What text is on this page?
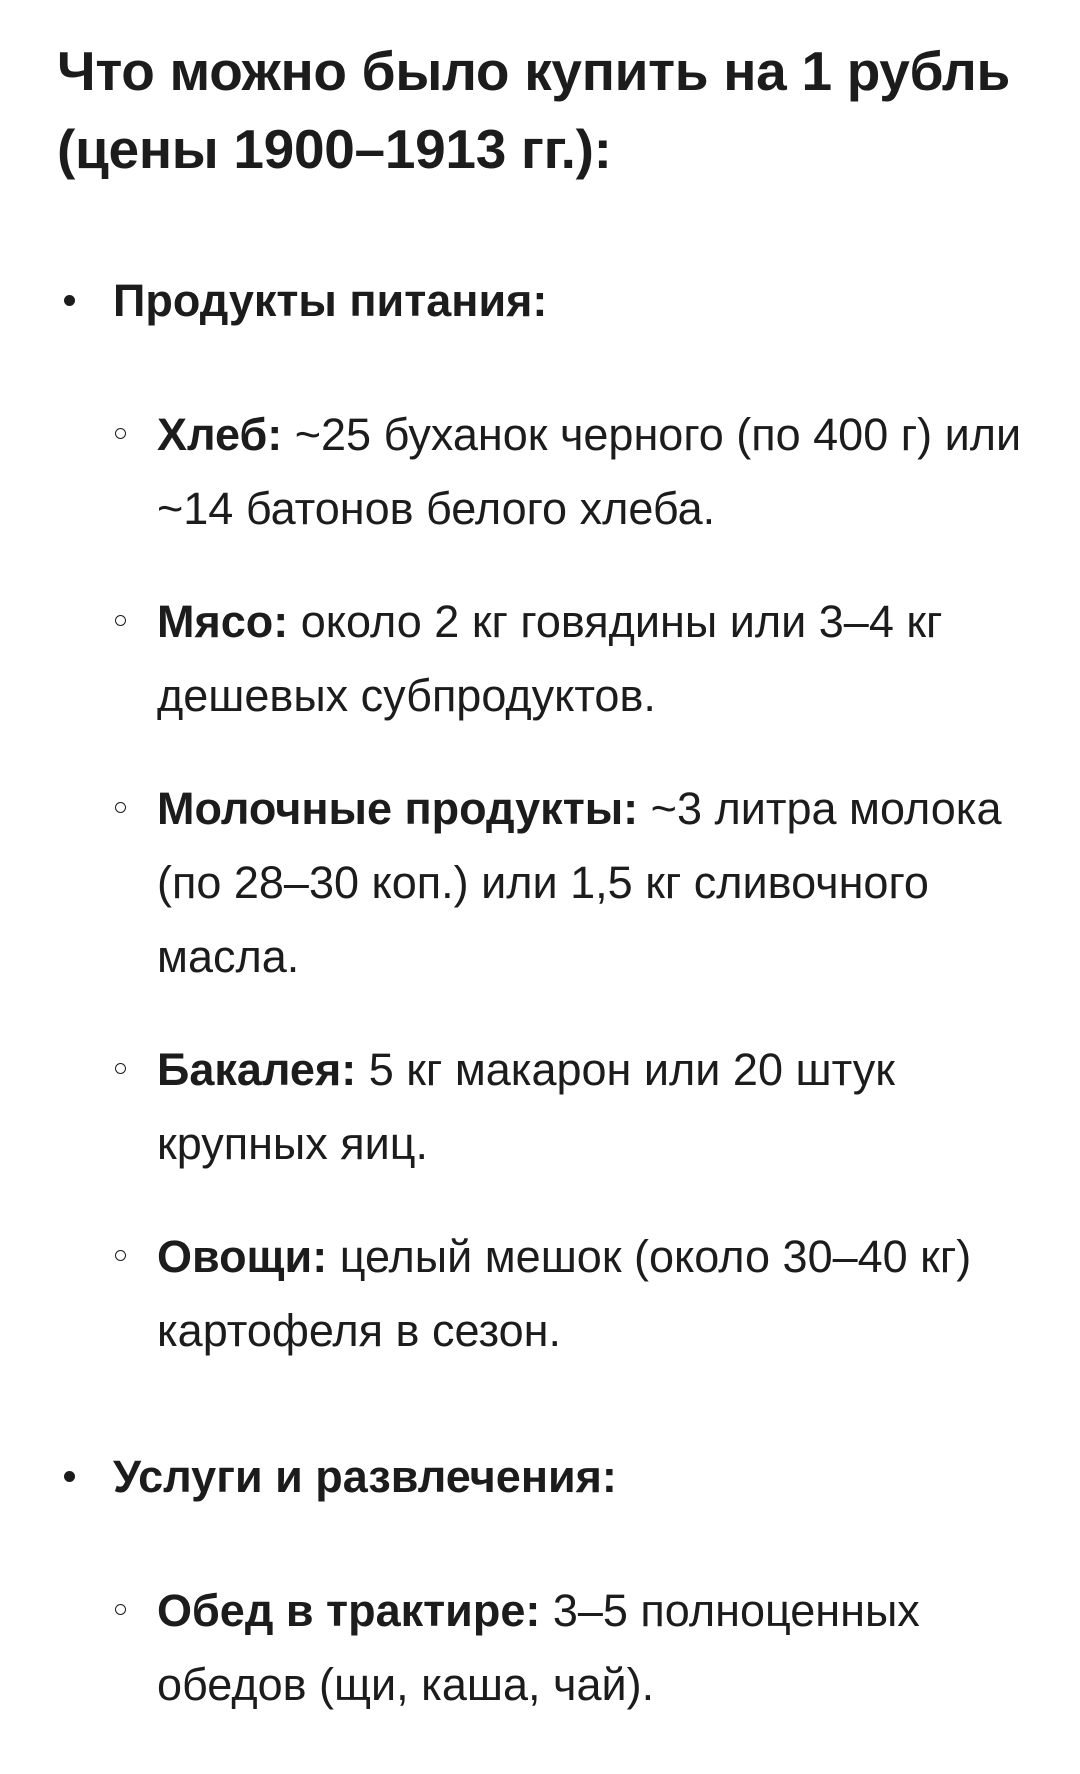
Что можно было купить на 1 рубль (цены 1900–1913 гг.):
Продукты питания:
Хлеб: ~25 буханок черного (по 400 г) или ~14 батонов белого хлеба.
Мясо: около 2 кг говядины или 3–4 кг дешевых субпродуктов.
Молочные продукты: ~3 литра молока (по 28–30 коп.) или 1,5 кг сливочного масла.
Бакалея: 5 кг макарон или 20 штук крупных яиц.
Овощи: целый мешок (около 30–40 кг) картофеля в сезон.
Услуги и развлечения:
Обед в трактире: 3–5 полноценных обедов (щи, каша, чай).
